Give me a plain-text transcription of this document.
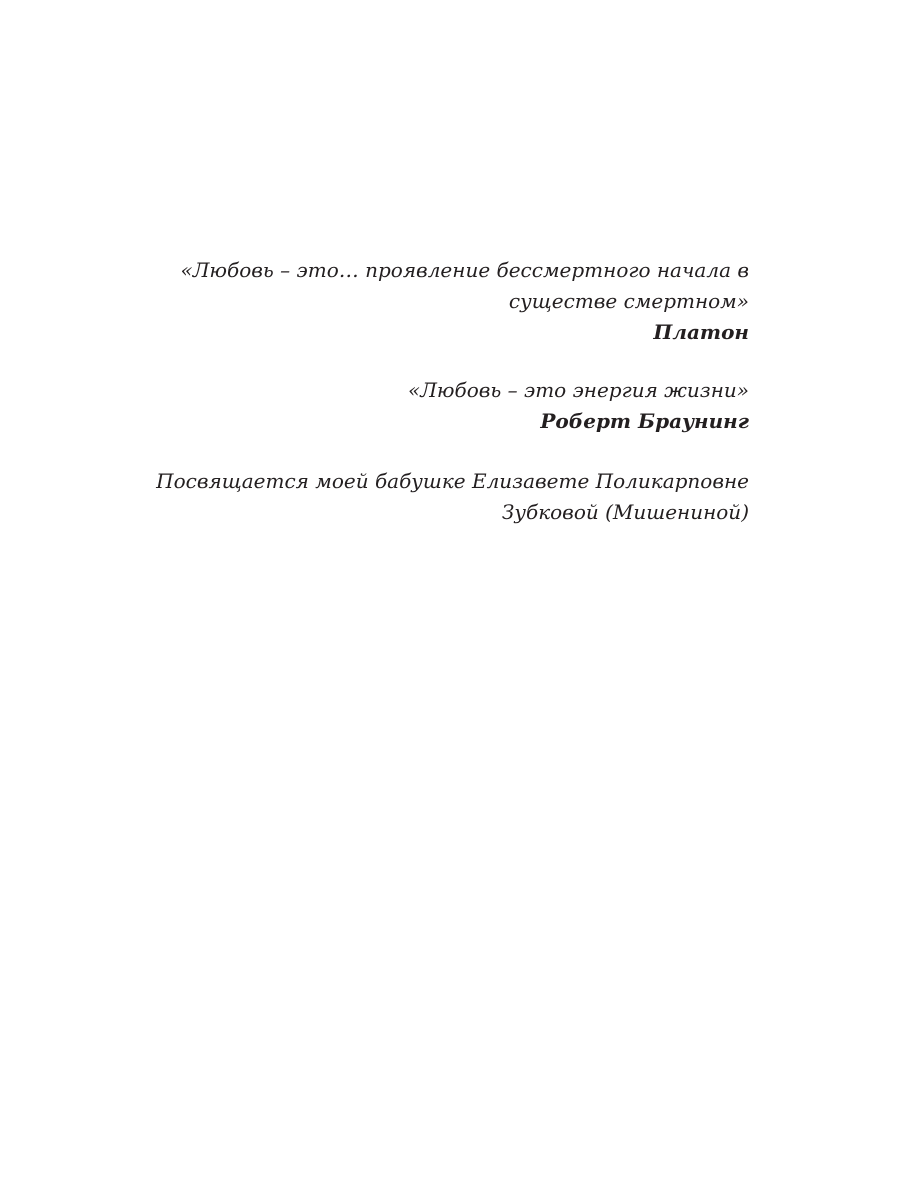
«Любовь – это… проявление бессмертного начала в
существе смертном»
Платон
«Любовь – это энергия жизни»
Роберт Браунинг
Посвящается моей бабушке Елизавете Поликарповне
Зубковой (Мишениной)
